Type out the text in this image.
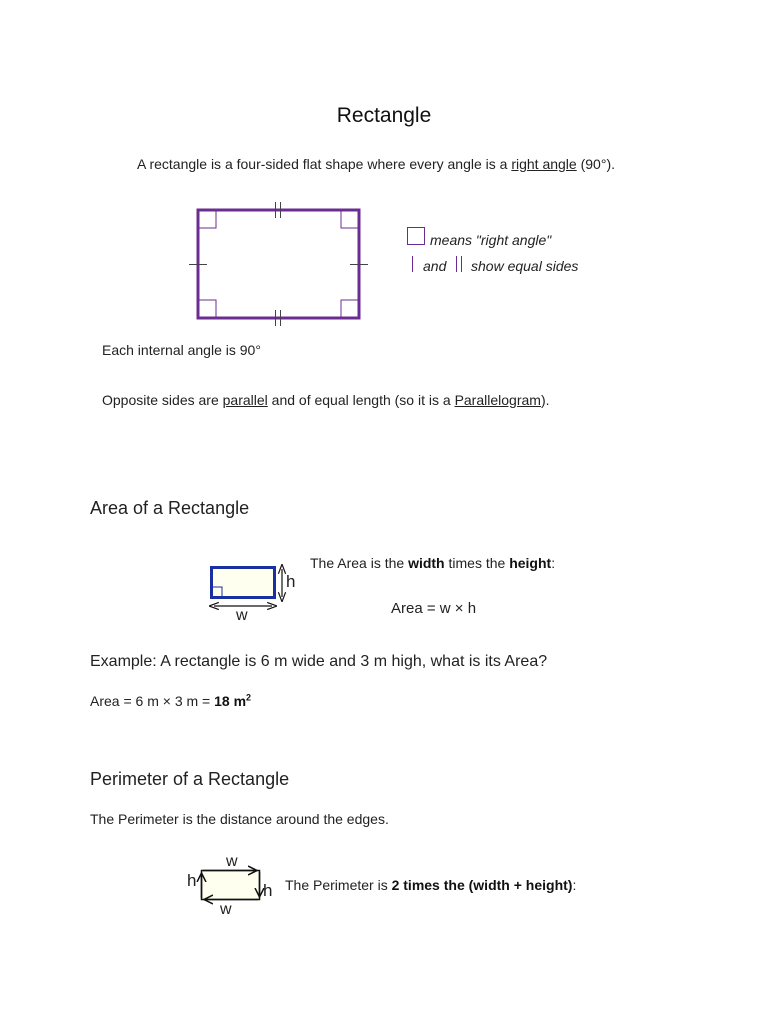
Rectangle
A rectangle is a four-sided flat shape where every angle is a right angle (90°).
means "right angle"
and show equal sides
Each internal angle is 90°
Opposite sides are parallel and of equal length (so it is a Parallelogram).
Area of a Rectangle
h
w
The Area is the width times the height:
Area = w × h
Example: A rectangle is 6 m wide and 3 m high, what is its Area?
Area = 6 m × 3 m = 18 $m^2$
Perimeter of a Rectangle
The Perimeter is the distance around the edges.
w
w
h
h The Perimeter is 2 times the (width + height):
